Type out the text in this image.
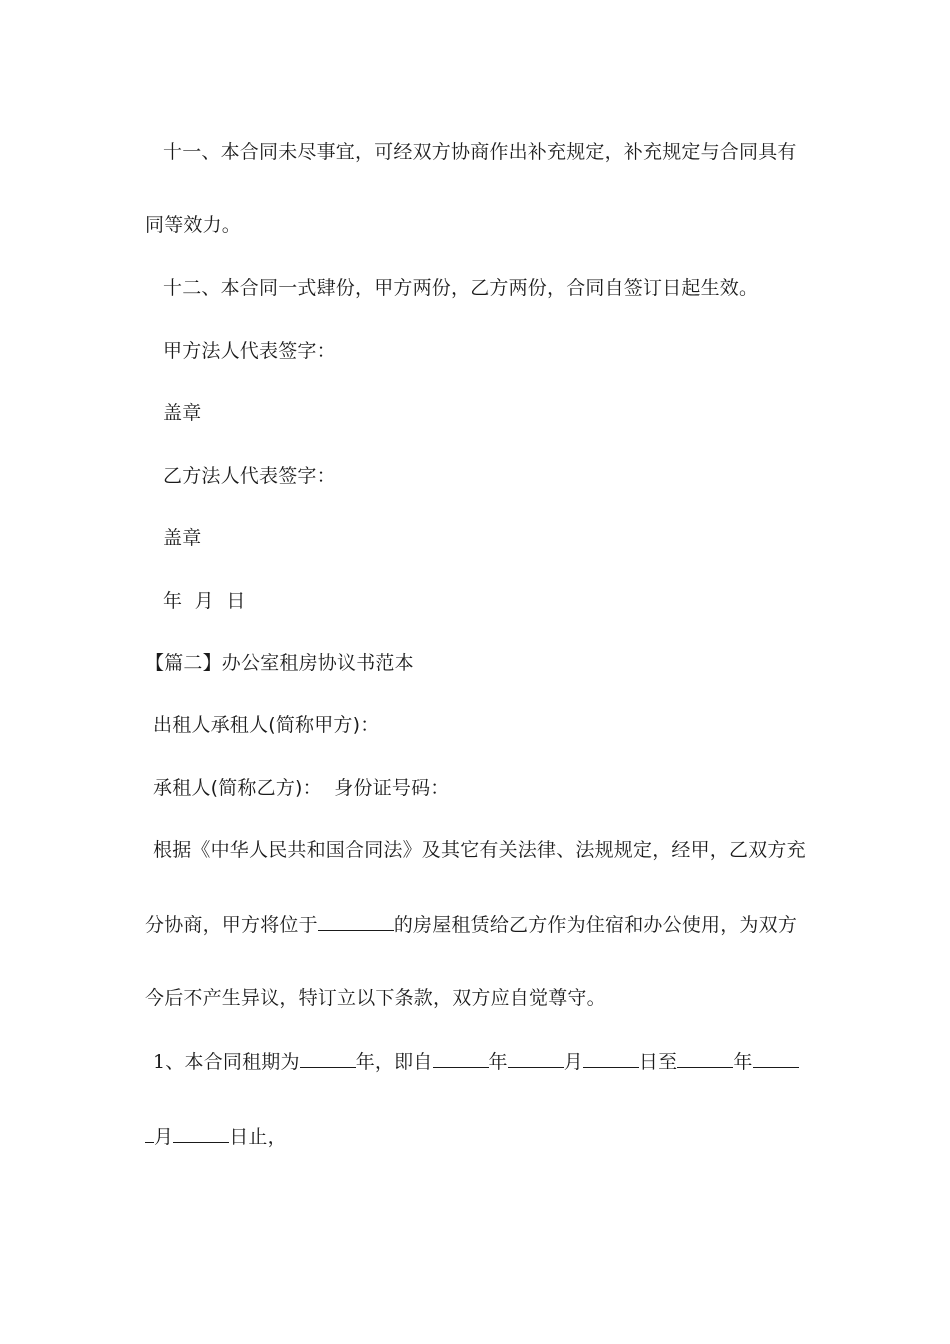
十一、本合同未尽事宜，可经双方协商作出补充规定，补充规定与合同具有
同等效力。
十二、本合同一式肆份，甲方两份，乙方两份，合同自签订日起生效。
甲方法人代表签字：
盖章
乙方法人代表签字：
盖章
年  月  日
【篇二】办公室租房协议书范本
出租人承租人(简称甲方)：
承租人(简称乙方)：  身份证号码：
根据《中华人民共和国合同法》及其它有关法律、法规规定，经甲，乙双方充
分协商，甲方将位于	的房屋租赁给乙方作为住宿和办公使用，为双方
今后不产生异议，特订立以下条款，双方应自觉尊守。
1、本合同租期为	年，即自	年	月	日至	年
月	日止，
